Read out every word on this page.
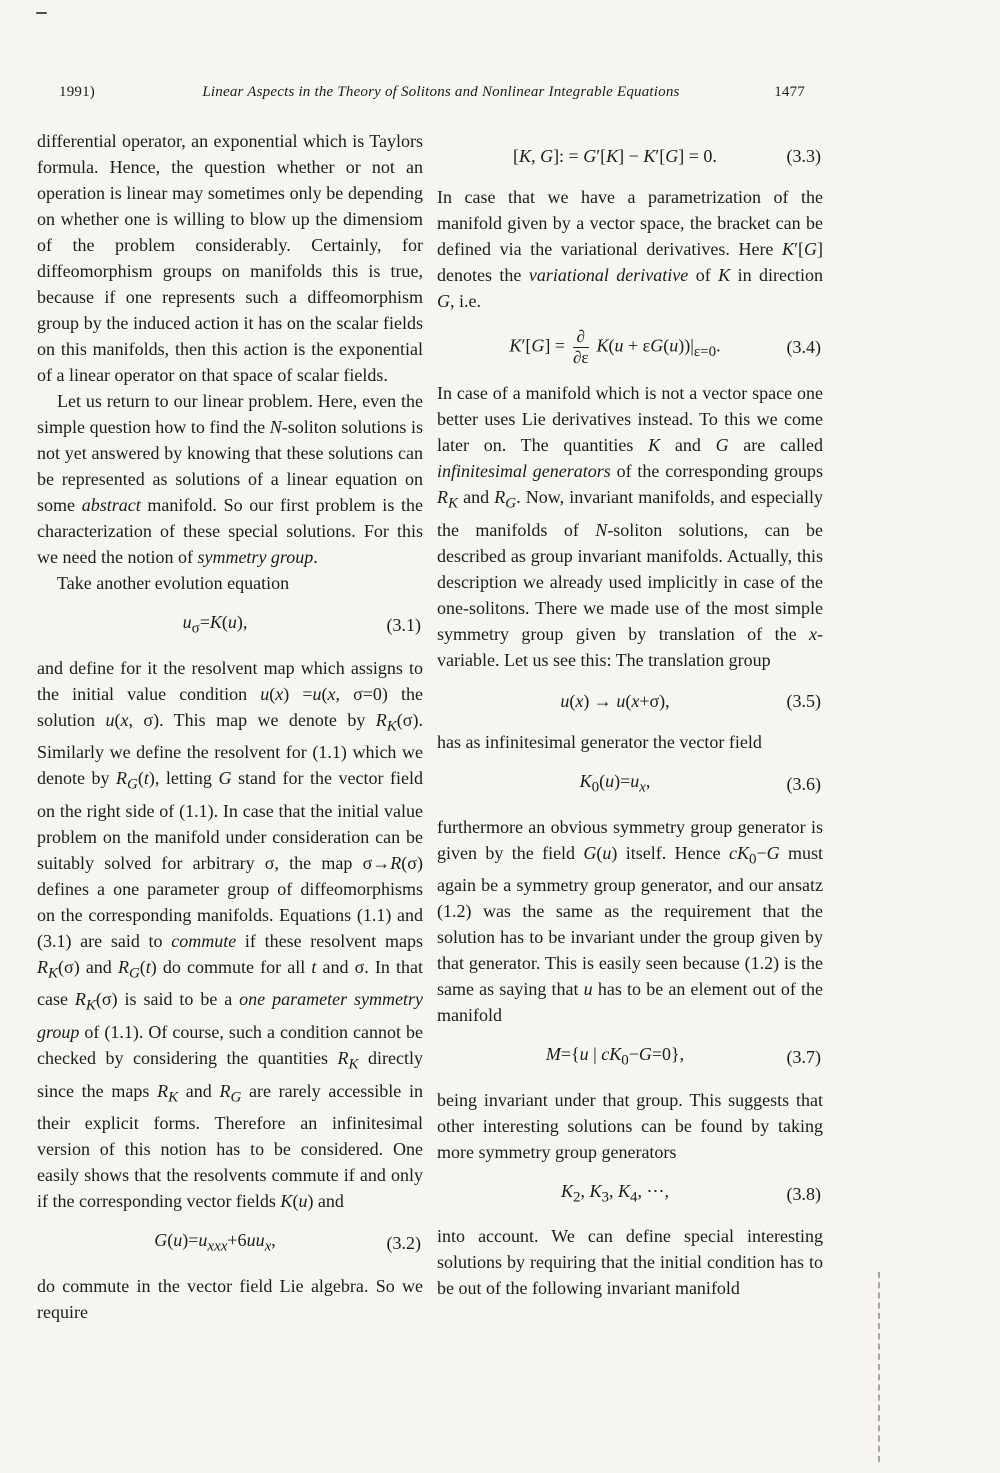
1991)	Linear Aspects in the Theory of Solitons and Nonlinear Integrable Equations	1477

differential operator, an exponential which is Taylors formula. Hence, the question whether or not an operation is linear may sometimes only be depending on whether one is willing to blow up the dimensiom of the problem considerably. Certainly, for diffeomorphism groups on manifolds this is true, because if one represents such a diffeomorphism group by the induced action it has on the scalar fields on this manifolds, then this action is the exponential of a linear operator on that space of scalar fields.

Let us return to our linear problem. Here, even the simple question how to find the N-soliton solutions is not yet answered by knowing that these solutions can be represented as solutions of a linear equation on some abstract manifold. So our first problem is the characterization of these special solutions. For this we need the notion of symmetry group.

Take another evolution equation

$u_\sigma=K(u)$,	(3.1)

and define for it the resolvent map which assigns to the initial value condition u(x) =u(x, σ=0) the solution u(x, σ). This map we denote by $R_K(\sigma)$. Similarly we define the resolvent for (1.1) which we denote by $R_G(t)$, letting G stand for the vector field on the right side of (1.1). In case that the initial value problem on the manifold under consideration can be suitably solved for arbitrary σ, the map σ→R(σ) defines a one parameter group of diffeomorphisms on the corresponding manifolds. Equations (1.1) and (3.1) are said to commute if these resolvent maps $R_K(\sigma)$ and $R_G(t)$ do commute for all t and σ. In that case $R_K(\sigma)$ is said to be a one parameter symmetry group of (1.1). Of course, such a condition cannot be checked by considering the quantities $R_K$ directly since the maps $R_K$ and $R_G$ are rarely accessible in their explicit forms. Therefore an infinitesimal version of this notion has to be considered. One easily shows that the resolvents commute if and only if the corresponding vector fields K(u) and

$G(u)=u_{xxx}+6uu_x$,	(3.2)

do commute in the vector field Lie algebra. So we require

[K, G]: = G′[K] − K′[G] = 0.	(3.3)

In case that we have a parametrization of the manifold given by a vector space, the bracket can be defined via the variational derivatives. Here K′[G] denotes the variational derivative of K in direction G, i.e.

$K'[G] = \frac{\partial}{\partial\varepsilon} K(u + \varepsilon G(u))|_{\varepsilon=0}$.	(3.4)

In case of a manifold which is not a vector space one better uses Lie derivatives instead. To this we come later on. The quantities K and G are called infinitesimal generators of the corresponding groups $R_K$ and $R_G$. Now, invariant manifolds, and especially the manifolds of N-soliton solutions, can be described as group invariant manifolds. Actually, this description we already used implicitly in case of the one-solitons. There we made use of the most simple symmetry group given by translation of the x-variable. Let us see this: The translation group

u(x) → u(x+σ),	(3.5)

has as infinitesimal generator the vector field

$K_0(u)=u_x$,	(3.6)

furthermore an obvious symmetry group generator is given by the field G(u) itself. Hence $cK_0-G$ must again be a symmetry group generator, and our ansatz (1.2) was the same as the requirement that the solution has to be invariant under the group given by that generator. This is easily seen because (1.2) is the same as saying that u has to be an element out of the manifold

M={u | $cK_0-G=0$},	(3.7)

being invariant under that group. This suggests that other interesting solutions can be found by taking more symmetry group generators

$K_2$, $K_3$, $K_4$, ⋯,	(3.8)

into account. We can define special interesting solutions by requiring that the initial condition has to be out of the following invariant manifold
